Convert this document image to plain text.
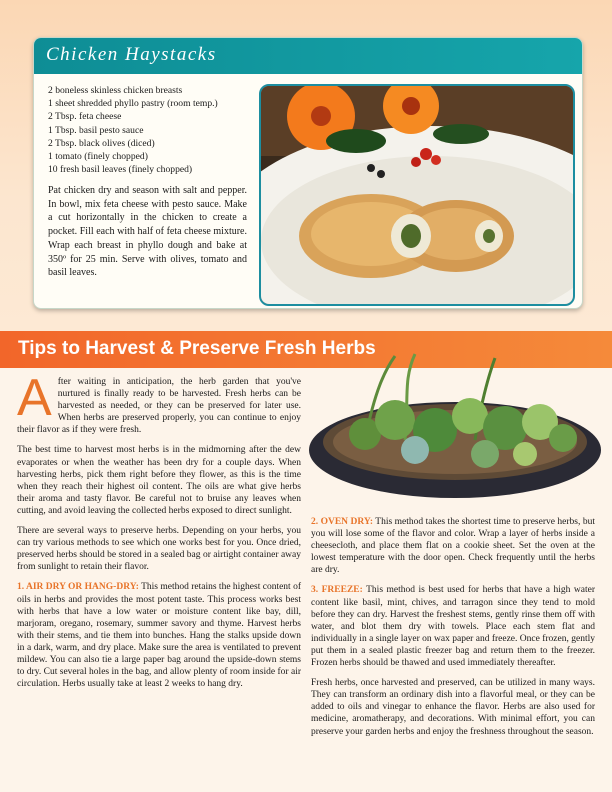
Chicken Haystacks
2 boneless skinless chicken breasts
1 sheet shredded phyllo pastry (room temp.)
2 Tbsp. feta cheese
1 Tbsp. basil pesto sauce
2 Tbsp. black olives (diced)
1 tomato (finely chopped)
10 fresh basil leaves (finely chopped)

Pat chicken dry and season with salt and pepper. In bowl, mix feta cheese with pesto sauce. Make a cut horizontally in the chicken to create a pocket. Fill each with half of feta cheese mixture. Wrap each breast in phyllo dough and bake at 350º for 25 min. Serve with olives, tomato and basil leaves.

Tips to Harvest & Preserve Fresh Herbs

After waiting in anticipation, the herb garden that you've nurtured is finally ready to be harvested. Fresh herbs can be harvested as needed, or they can be preserved for later use. When herbs are preserved properly, you can continue to enjoy their flavor as if they were fresh.

The best time to harvest most herbs is in the midmorning after the dew evaporates or when the weather has been dry for a couple days. When harvesting herbs, pick them right before they flower, as this is the time when they reach their highest oil content. The oils are what give herbs their aroma and tasty flavor. Be careful not to bruise any leaves when cutting, and avoid leaving the collected herbs exposed to direct sunlight.

There are several ways to preserve herbs. Depending on your herbs, you can try various methods to see which one works best for you. Once dried, preserved herbs should be stored in a sealed bag or airtight container away from sunlight to retain their flavor.

1. AIR DRY OR HANG-DRY: This method retains the highest content of oils in herbs and provides the most potent taste. This process works best with herbs that have a low water or moisture content like bay, dill, marjoram, oregano, rosemary, summer savory and thyme. Harvest herbs with their stems, and tie them into bunches. Hang the stalks upside down in a dark, warm, and dry place. Make sure the area is ventilated to prevent mildew. You can also tie a large paper bag around the upside-down stems to dry. Cut several holes in the bag, and allow plenty of room inside for air circulation. Herbs usually take at least 2 weeks to hang dry.

2. OVEN DRY: This method takes the shortest time to preserve herbs, but you will lose some of the flavor and color. Wrap a layer of herbs inside a cheesecloth, and place them flat on a cookie sheet. Set the oven at the lowest temperature with the door open. Check frequently until the herbs are dry.

3. FREEZE: This method is best used for herbs that have a high water content like basil, mint, chives, and tarragon since they tend to mold before they can dry. Harvest the freshest stems, gently rinse them off with water, and blot them dry with towels. Place each stem flat and individually in a single layer on wax paper and freeze. Once frozen, gently put them in a sealed plastic freezer bag and return them to the freezer. Frozen herbs should be thawed and used immediately thereafter.

Fresh herbs, once harvested and preserved, can be utilized in many ways. They can transform an ordinary dish into a flavorful meal, or they can be added to oils and vinegar to enhance the flavor. Herbs are also used for medicine, aromatherapy, and decorations. With minimal effort, you can preserve your garden herbs and enjoy the freshness throughout the season.
